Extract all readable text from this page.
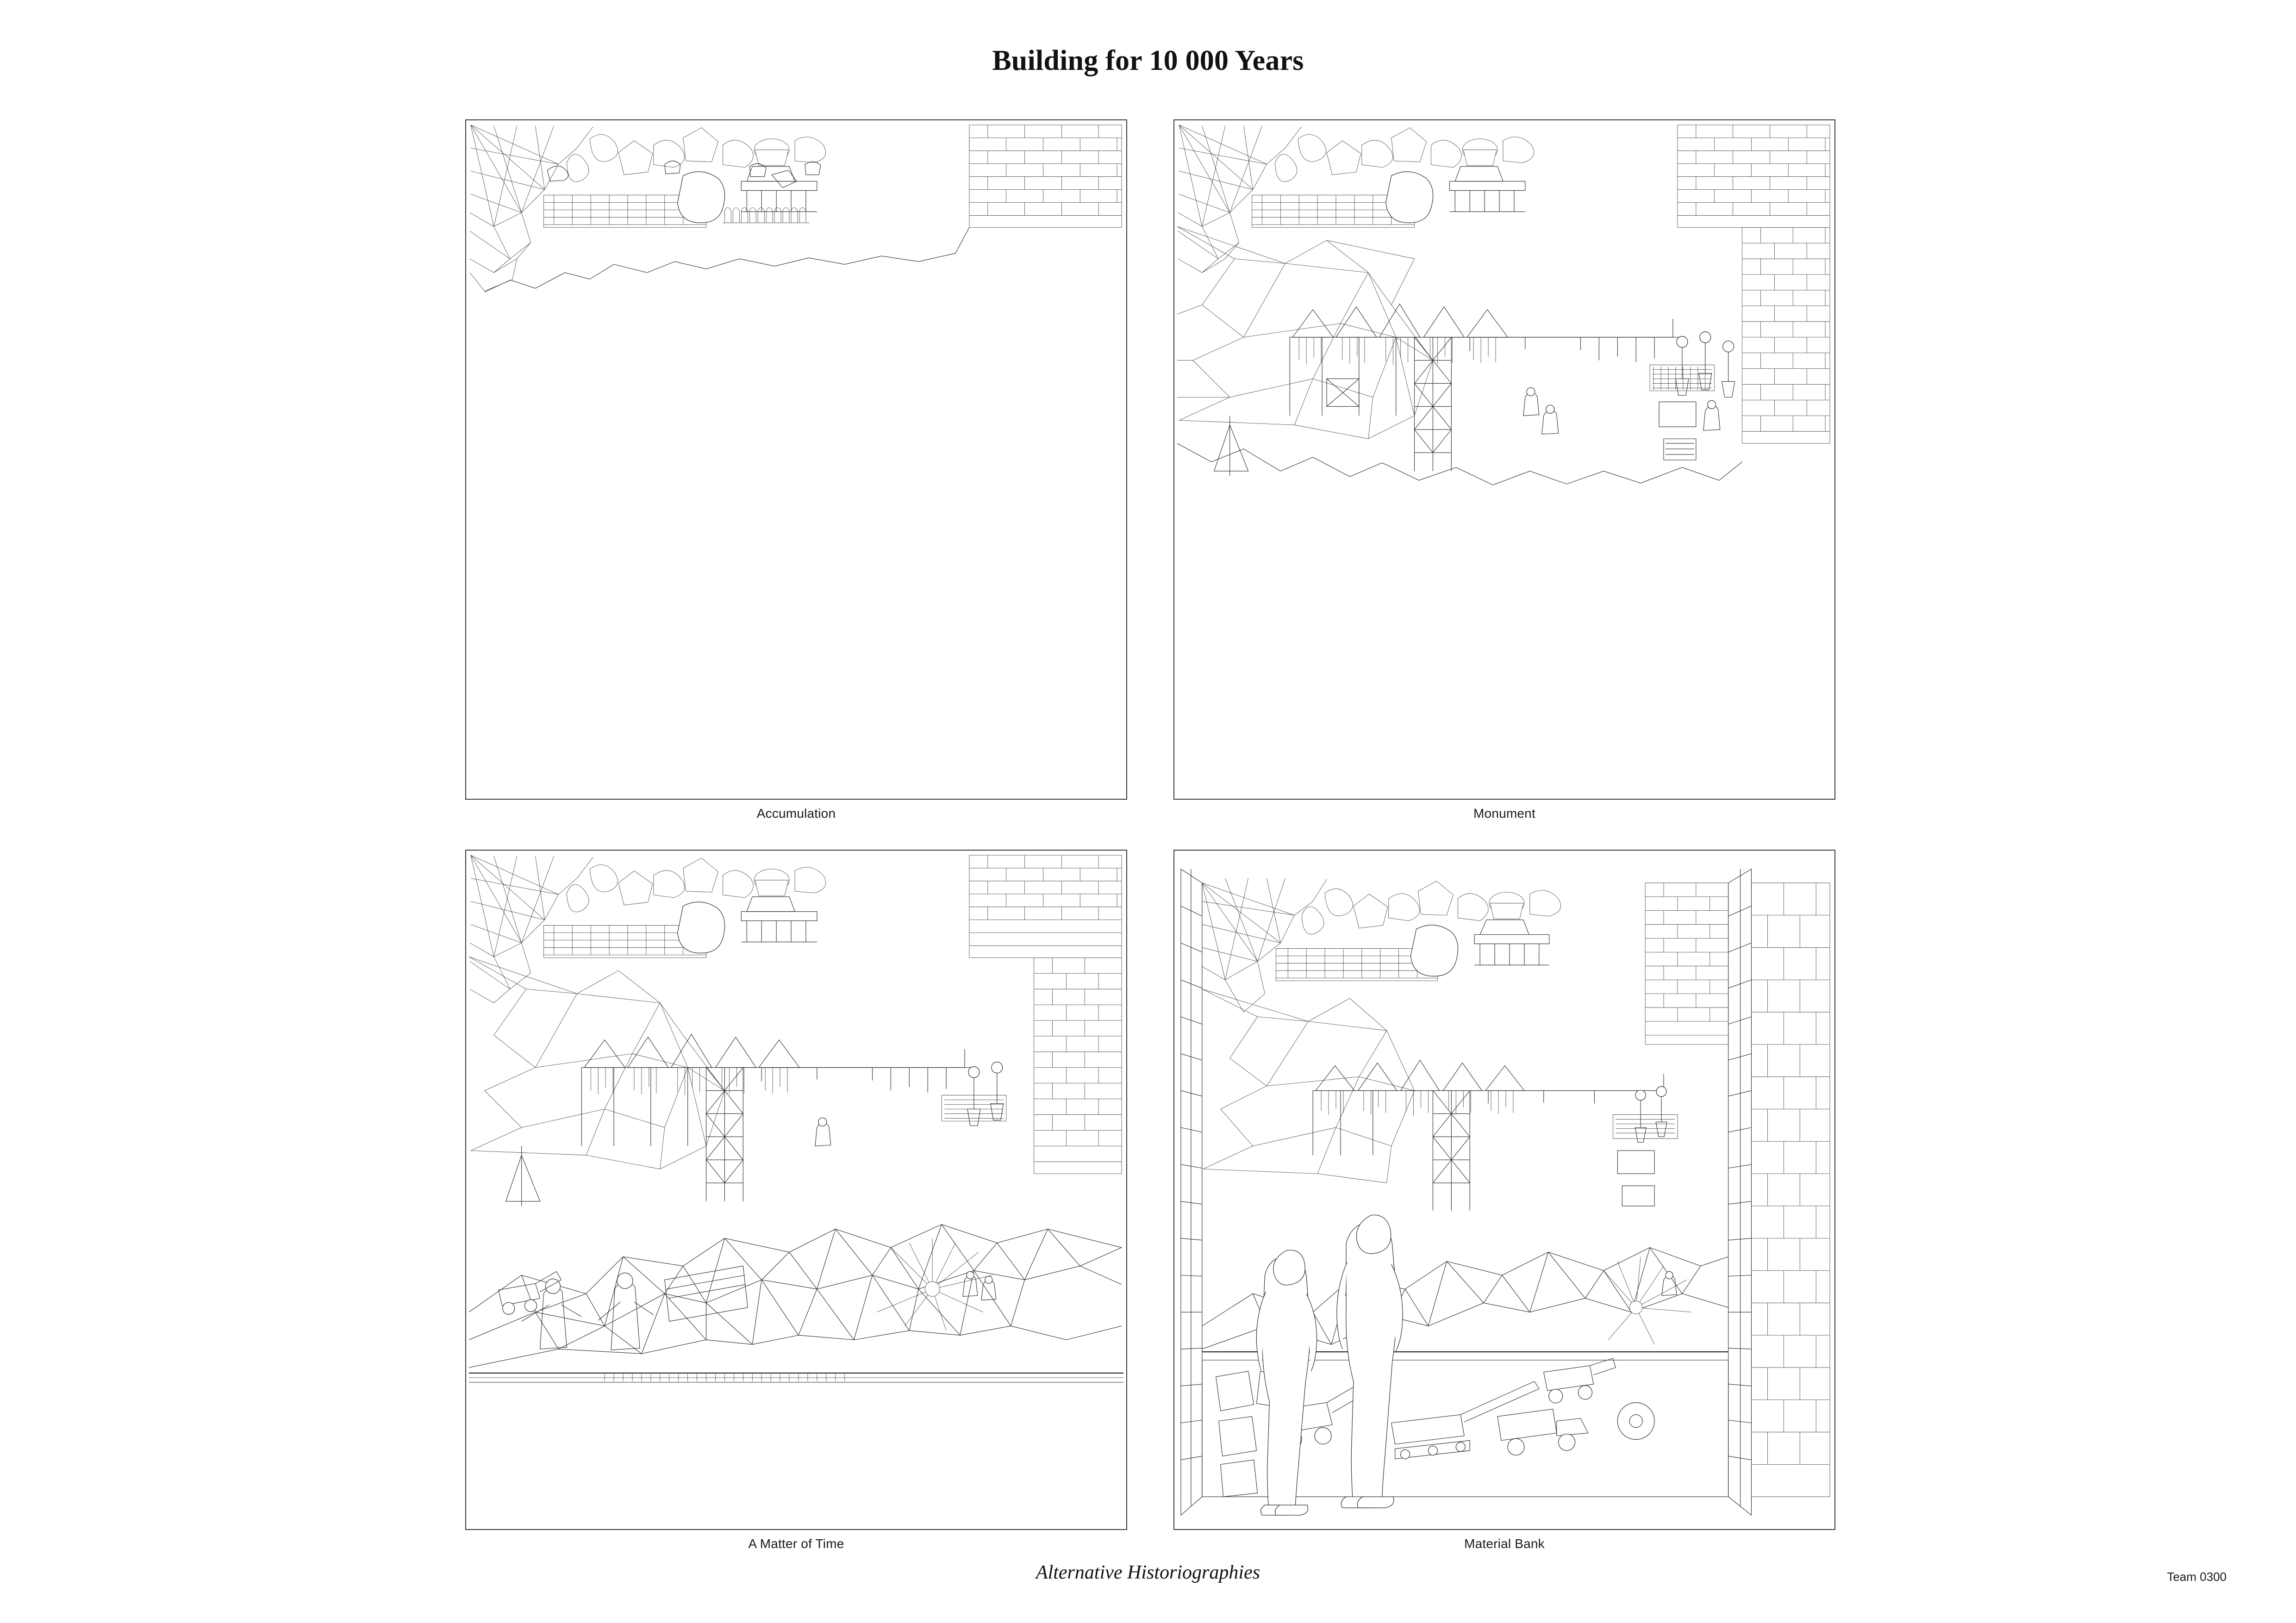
Building for 10 000 Years
Accumulation	Monument
A Matter of Time	Material Bank
Alternative Historiographies	Team 0300
